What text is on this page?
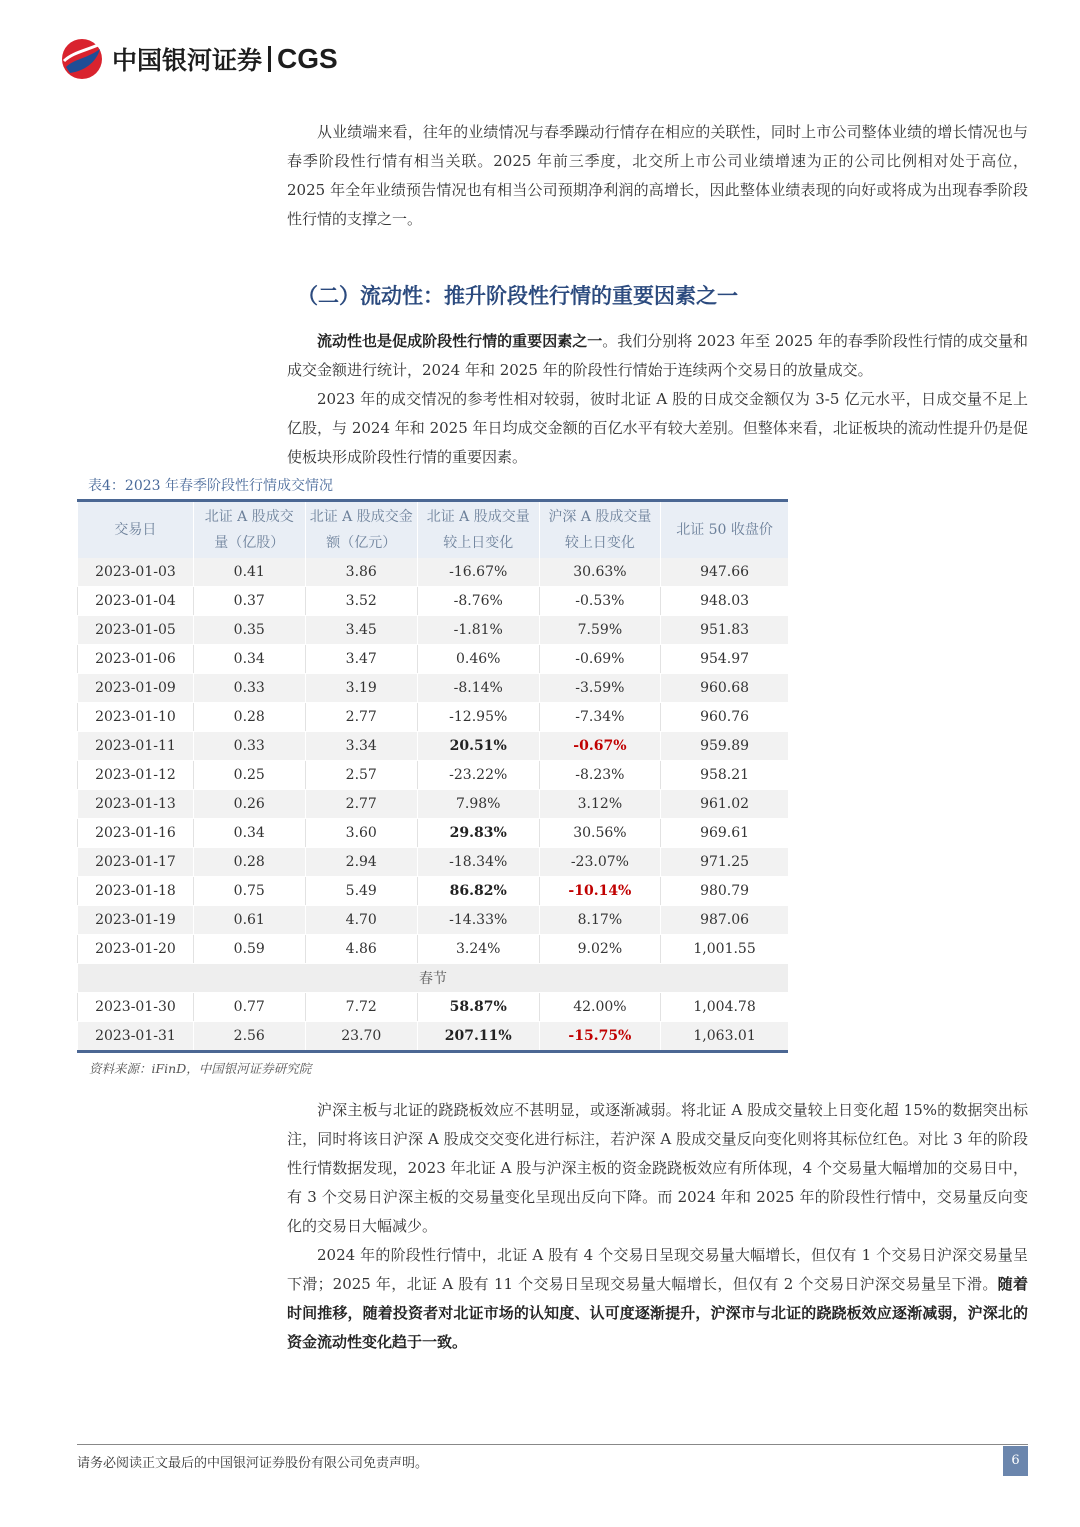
中国银河证券 CGS

从业绩端来看，往年的业绩情况与春季躁动行情存在相应的关联性，同时上市公司整体业绩的增长情况也与春季阶段性行情有相当关联。2025 年前三季度，北交所上市公司业绩增速为正的公司比例相对处于高位，2025 年全年业绩预告情况也有相当公司预期净利润的高增长，因此整体业绩表现的向好或将成为出现春季阶段性行情的支撑之一。

（二）流动性：推升阶段性行情的重要因素之一

流动性也是促成阶段性行情的重要因素之一。我们分别将 2023 年至 2025 年的春季阶段性行情的成交量和成交金额进行统计，2024 年和 2025 年的阶段性行情始于连续两个交易日的放量成交。

2023 年的成交情况的参考性相对较弱，彼时北证 A 股的日成交金额仅为 3-5 亿元水平，日成交量不足上亿股，与 2024 年和 2025 年日均成交金额的百亿水平有较大差别。但整体来看，北证板块的流动性提升仍是促使板块形成阶段性行情的重要因素。

表4：2023 年春季阶段性行情成交情况
交易日	北证 A 股成交量（亿股）	北证 A 股成交金额（亿元）	北证 A 股成交量较上日变化	沪深 A 股成交量较上日变化	北证 50 收盘价
2023-01-03	0.41	3.86	-16.67%	30.63%	947.66
2023-01-04	0.37	3.52	-8.76%	-0.53%	948.03
2023-01-05	0.35	3.45	-1.81%	7.59%	951.83
2023-01-06	0.34	3.47	0.46%	-0.69%	954.97
2023-01-09	0.33	3.19	-8.14%	-3.59%	960.68
2023-01-10	0.28	2.77	-12.95%	-7.34%	960.76
2023-01-11	0.33	3.34	20.51%	-0.67%	959.89
2023-01-12	0.25	2.57	-23.22%	-8.23%	958.21
2023-01-13	0.26	2.77	7.98%	3.12%	961.02
2023-01-16	0.34	3.60	29.83%	30.56%	969.61
2023-01-17	0.28	2.94	-18.34%	-23.07%	971.25
2023-01-18	0.75	5.49	86.82%	-10.14%	980.79
2023-01-19	0.61	4.70	-14.33%	8.17%	987.06
2023-01-20	0.59	4.86	3.24%	9.02%	1,001.55
春节					
2023-01-30	0.77	7.72	58.87%	42.00%	1,004.78
2023-01-31	2.56	23.70	207.11%	-15.75%	1,063.01
资料来源：iFinD，中国银河证券研究院

沪深主板与北证的跷跷板效应不甚明显，或逐渐减弱。将北证 A 股成交量较上日变化超 15%的数据突出标注，同时将该日沪深 A 股成交交变化进行标注，若沪深 A 股成交量反向变化则将其标位红色。对比 3 年的阶段性行情数据发现，2023 年北证 A 股与沪深主板的资金跷跷板效应有所体现，4 个交易量大幅增加的交易日中，有 3 个交易日沪深主板的交易量变化呈现出反向下降。而 2024 年和 2025 年的阶段性行情中，交易量反向变化的交易日大幅减少。

2024 年的阶段性行情中，北证 A 股有 4 个交易日呈现交易量大幅增长，但仅有 1 个交易日沪深交易量呈下滑；2025 年，北证 A 股有 11 个交易日呈现交易量大幅增长，但仅有 2 个交易日沪深交易量呈下滑。随着时间推移，随着投资者对北证市场的认知度、认可度逐渐提升，沪深市与北证的跷跷板效应逐渐减弱，沪深北的资金流动性变化趋于一致。

请务必阅读正文最后的中国银河证券股份有限公司免责声明。	6
